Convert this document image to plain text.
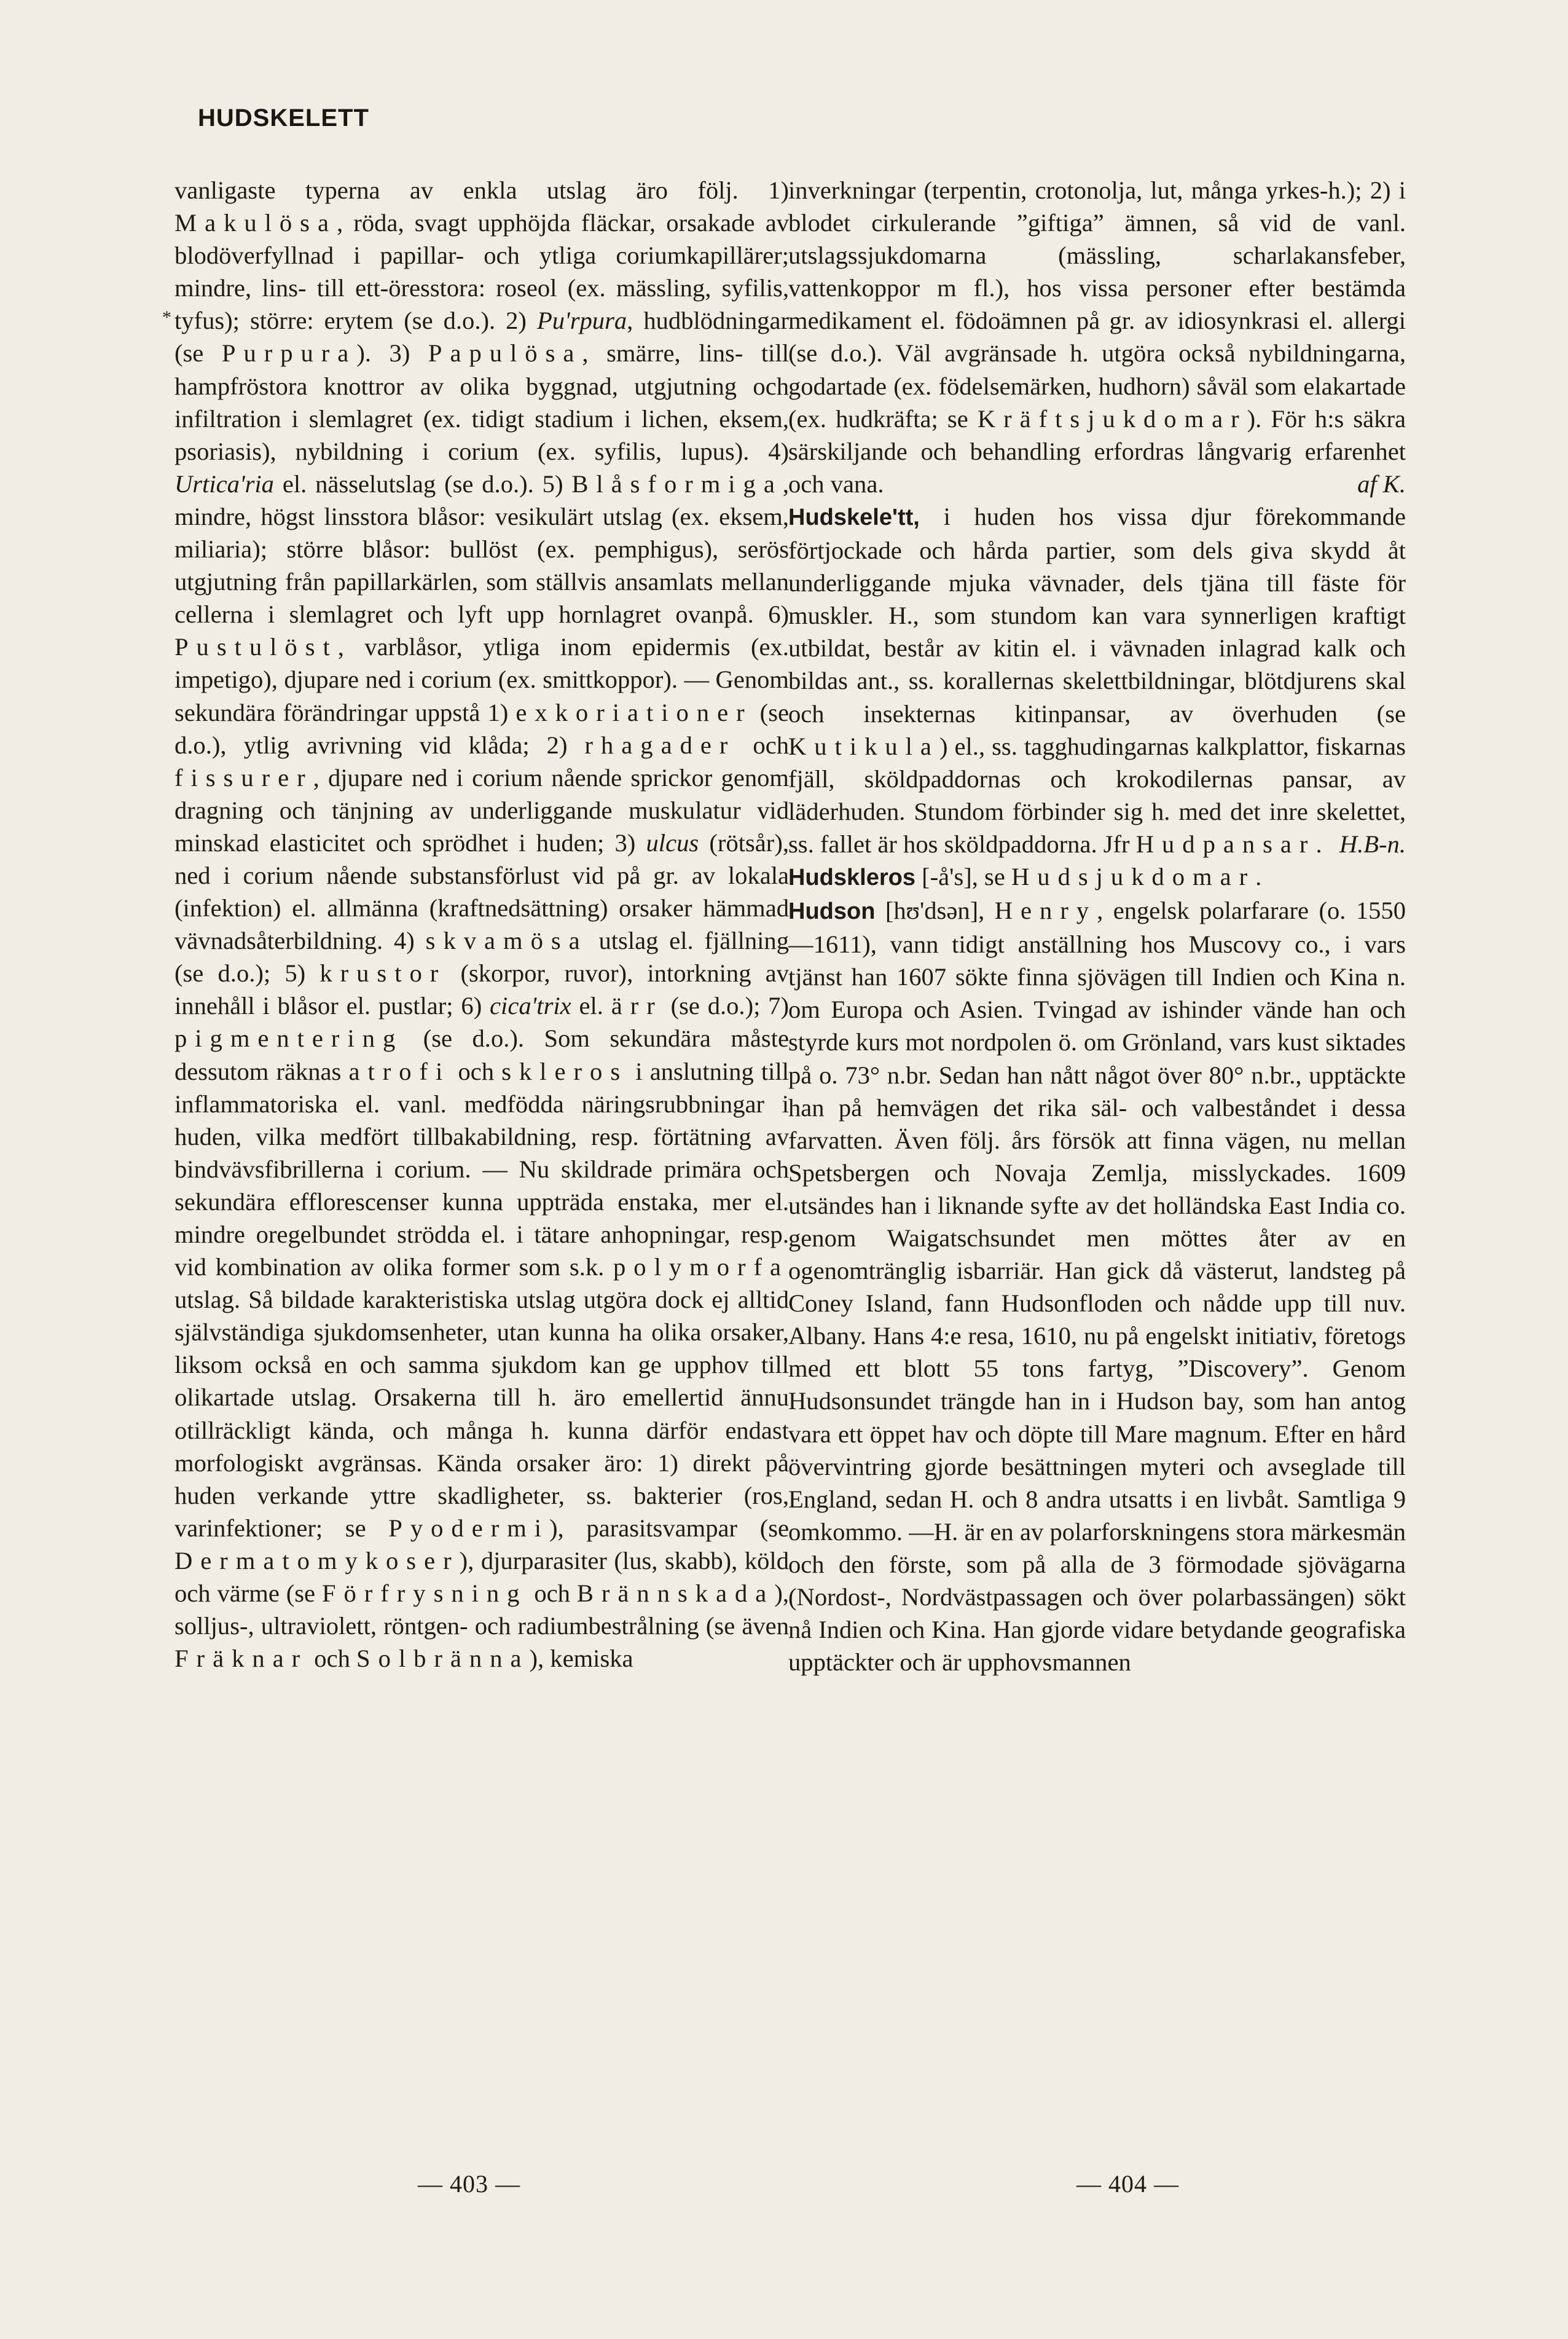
HUDSKELETT
*

vanligaste typerna av enkla utslag äro följ. 1) Makulösa, röda, svagt upphöjda fläckar, orsakade av blodöverfyllnad i papillar- och ytliga coriumkapillärer; mindre, lins- till ett-öresstora: roseol (ex. mässling, syfilis, tyfus); större: erytem (se d.o.). 2) Pu'rpura, hudblödningar (se Purpura). 3) Papulösa, smärre, lins- till hampfröstora knottror av olika byggnad, utgjutning och infiltration i slemlagret (ex. tidigt stadium i lichen, eksem, psoriasis), nybildning i corium (ex. syfilis, lupus). 4) Urtica'ria el. nässelutslag (se d.o.). 5) Blåsformiga, mindre, högst linsstora blåsor: vesikulärt utslag (ex. eksem, miliaria); större blåsor: bullöst (ex. pemphigus), serös utgjutning från papillarkärlen, som ställvis ansamlats mellan cellerna i slemlagret och lyft upp hornlagret ovanpå. 6) Pustulöst, varblåsor, ytliga inom epidermis (ex. impetigo), djupare ned i corium (ex. smittkoppor). — Genom sekundära förändringar uppstå 1) exkoriationer (se d.o.), ytlig avrivning vid klåda; 2) rhagader och fissurer, djupare ned i corium nående sprickor genom dragning och tänjning av underliggande muskulatur vid minskad elasticitet och sprödhet i huden; 3) ulcus (rötsår), ned i corium nående substansförlust vid på gr. av lokala (infektion) el. allmänna (kraftnedsättning) orsaker hämmad vävnadsåterbildning. 4) skvamösa utslag el. fjällning (se d.o.); 5) krustor (skorpor, ruvor), intorkning av innehåll i blåsor el. pustlar; 6) cica'trix el. ärr (se d.o.); 7) pigmentering (se d.o.). Som sekundära måste dessutom räknas atrofi och skleros i anslutning till inflammatoriska el. vanl. medfödda näringsrubbningar i huden, vilka medfört tillbakabildning, resp. förtätning av bindvävsfibrillerna i corium. — Nu skildrade primära och sekundära efflorescenser kunna uppträda enstaka, mer el. mindre oregelbundet strödda el. i tätare anhopningar, resp. vid kombination av olika former som s.k. polymorfa utslag. Så bildade karakteristiska utslag utgöra dock ej alltid självständiga sjukdomsenheter, utan kunna ha olika orsaker, liksom också en och samma sjukdom kan ge upphov till olikartade utslag. Orsakerna till h. äro emellertid ännu otillräckligt kända, och många h. kunna därför endast morfologiskt avgränsas. Kända orsaker äro: 1) direkt på huden verkande yttre skadligheter, ss. bakterier (ros, varinfektioner; se Pyodermi), parasitsvampar (se Dermatomykoser), djurparasiter (lus, skabb), köld och värme (se Förfrysning och Brännskada), solljus-, ultraviolett, röntgen- och radiumbestrålning (se även Fräknar och Solbränna), kemiska

inverkningar (terpentin, crotonolja, lut, många yrkes-h.); 2) i blodet cirkulerande ”giftiga” ämnen, så vid de vanl. utslagssjukdomarna (mässling, scharlakansfeber, vattenkoppor m fl.), hos vissa personer efter bestämda medikament el. födoämnen på gr. av idiosynkrasi el. allergi (se d.o.). Väl avgränsade h. utgöra också nybildningarna, godartade (ex. födelsemärken, hudhorn) såväl som elakartade (ex. hudkräfta; se Kräftsjukdomar). För h:s säkra särskiljande och behandling erfordras långvarig erfarenhet och vana.	af K.

Hudskele'tt, i huden hos vissa djur förekommande förtjockade och hårda partier, som dels giva skydd åt underliggande mjuka vävnader, dels tjäna till fäste för muskler. H., som stundom kan vara synnerligen kraftigt utbildat, består av kitin el. i vävnaden inlagrad kalk och bildas ant., ss. korallernas skelettbildningar, blötdjurens skal och insekternas kitinpansar, av överhuden (se Kutikula) el., ss. tagghudingarnas kalkplattor, fiskarnas fjäll, sköldpaddornas och krokodilernas pansar, av läderhuden. Stundom förbinder sig h. med det inre skelettet, ss. fallet är hos sköldpaddorna. Jfr Hudpansar. H.B-n.

Hudskleros [-å's], se Hudsjukdomar.

Hudson [hʊ'dsən], Henry, engelsk polarfarare (o. 1550—1611), vann tidigt anställning hos Muscovy co., i vars tjänst han 1607 sökte finna sjövägen till Indien och Kina n. om Europa och Asien. Tvingad av ishinder vände han och styrde kurs mot nordpolen ö. om Grönland, vars kust siktades på o. 73° n.br. Sedan han nått något över 80° n.br., upptäckte han på hemvägen det rika säl- och valbeståndet i dessa farvatten. Även följ. års försök att finna vägen, nu mellan Spetsbergen och Novaja Zemlja, misslyckades. 1609 utsändes han i liknande syfte av det holländska East India co. genom Waigatschsundet men möttes åter av en ogenomtränglig isbarriär. Han gick då västerut, landsteg på Coney Island, fann Hudsonfloden och nådde upp till nuv. Albany. Hans 4:e resa, 1610, nu på engelskt initiativ, företogs med ett blott 55 tons fartyg, ”Discovery”. Genom Hudsonsundet trängde han in i Hudson bay, som han antog vara ett öppet hav och döpte till Mare magnum. Efter en hård övervintring gjorde besättningen myteri och avseglade till England, sedan H. och 8 andra utsatts i en livbåt. Samtliga 9 omkommo. —H. är en av polarforskningens stora märkesmän och den förste, som på alla de 3 förmodade sjövägarna (Nordost-, Nordvästpassagen och över polarbassängen) sökt nå Indien och Kina. Han gjorde vidare betydande geografiska upptäckter och är upphovsmannen

— 403 —	— 404 —
